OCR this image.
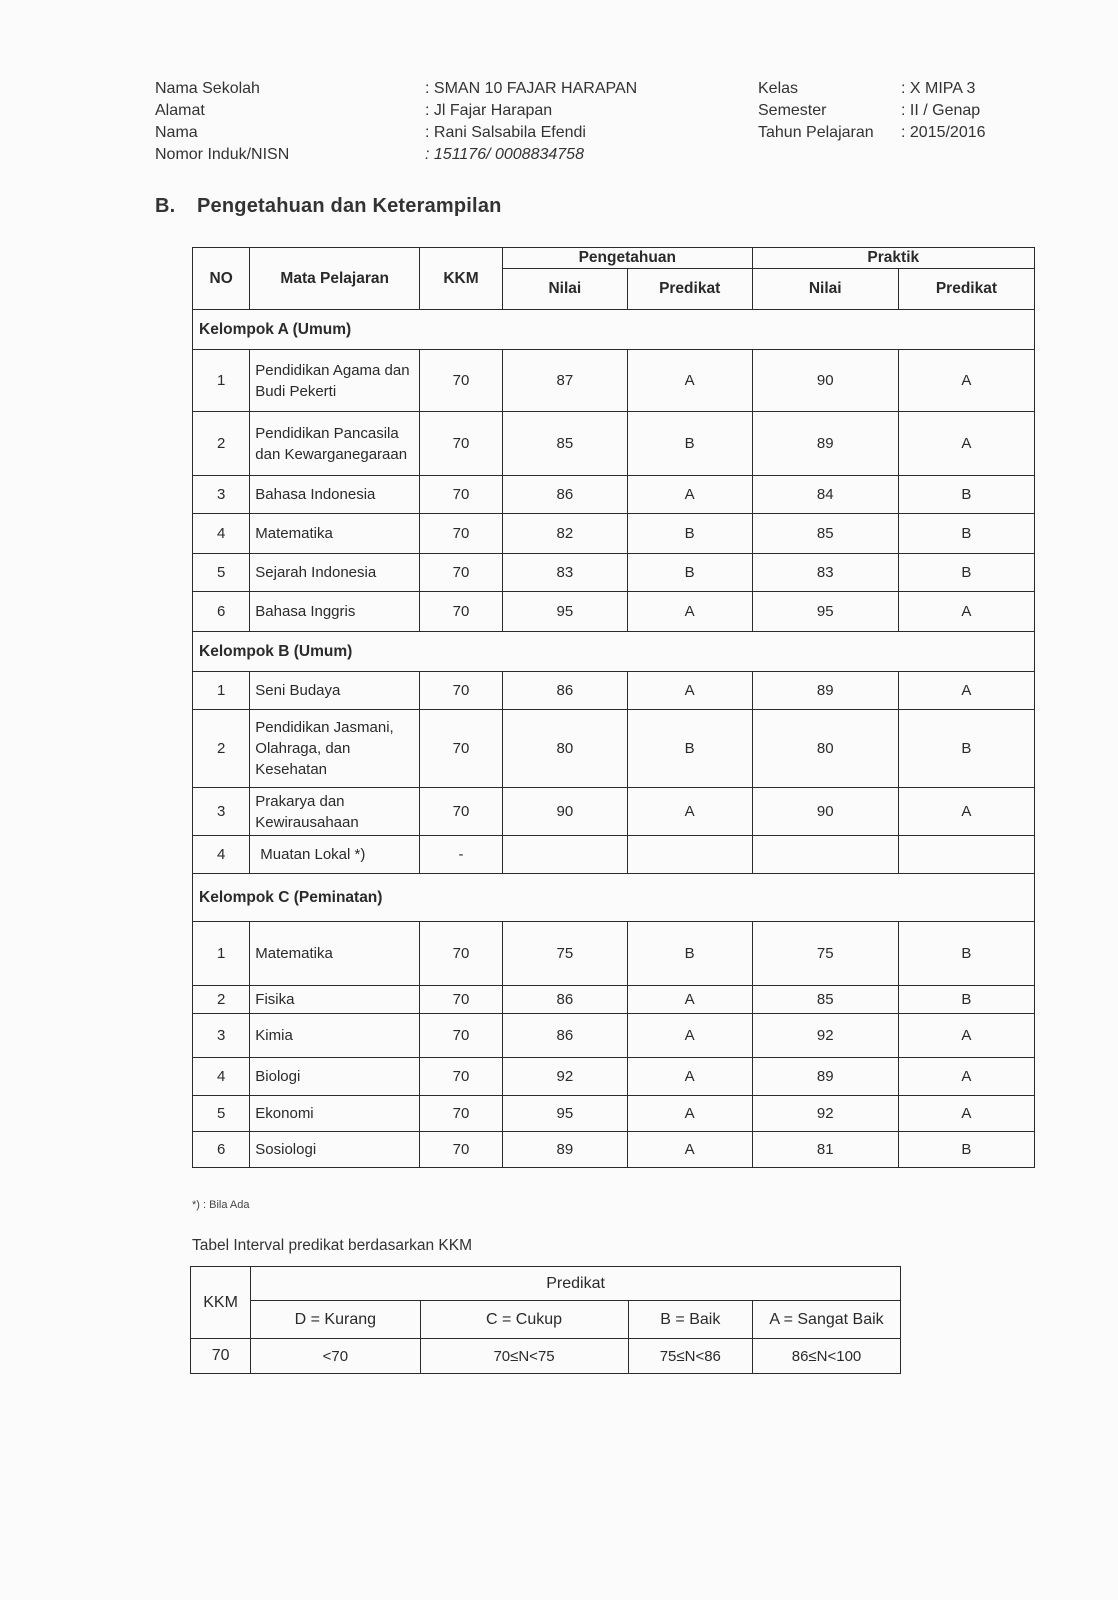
Nama Sekolah	: SMAN 10 FAJAR HARAPAN
Alamat	: Jl Fajar Harapan
Nama	: Rani Salsabila Efendi
Nomor Induk/NISN	: 151176/ 0008834758
Kelas	: X MIPA 3
Semester	: II / Genap
Tahun Pelajaran : 2015/2016
B. Pengetahuan dan Keterampilan
NO	Mata Pelajaran	KKM	Pengetahuan		Praktik	
			Nilai	Predikat	Nilai	Predikat
Kelompok A (Umum)						
1	Pendidikan Agama dan Budi Pekerti	70	87	A	90	A
2	Pendidikan Pancasila dan Kewarganegaraan	70	85	B	89	A
3	Bahasa Indonesia	70	86	A	84	B
4	Matematika	70	82	B	85	B
5	Sejarah Indonesia	70	83	B	83	B
6	Bahasa Inggris	70	95	A	95	A
Kelompok B (Umum)						
1	Seni Budaya	70	86	A	89	A
2	Pendidikan Jasmani, Olahraga, dan Kesehatan	70	80	B	80	B
3	Prakarya dan Kewirausahaan	70	90	A	90	A
4	Muatan Lokal *)	-				
Kelompok C (Peminatan)						
1	Matematika	70	75	B	75	B
2	Fisika	70	86	A	85	B
3	Kimia	70	86	A	92	A
4	Biologi	70	92	A	89	A
5	Ekonomi	70	95	A	92	A
6	Sosiologi	70	89	A	81	B
*) : Bila Ada
Tabel Interval predikat berdasarkan KKM
KKM	Predikat			
	D = Kurang	C = Cukup	B = Baik	A = Sangat Baik
70	<70	70≤N<75	75≤N<86	86≤N<100
